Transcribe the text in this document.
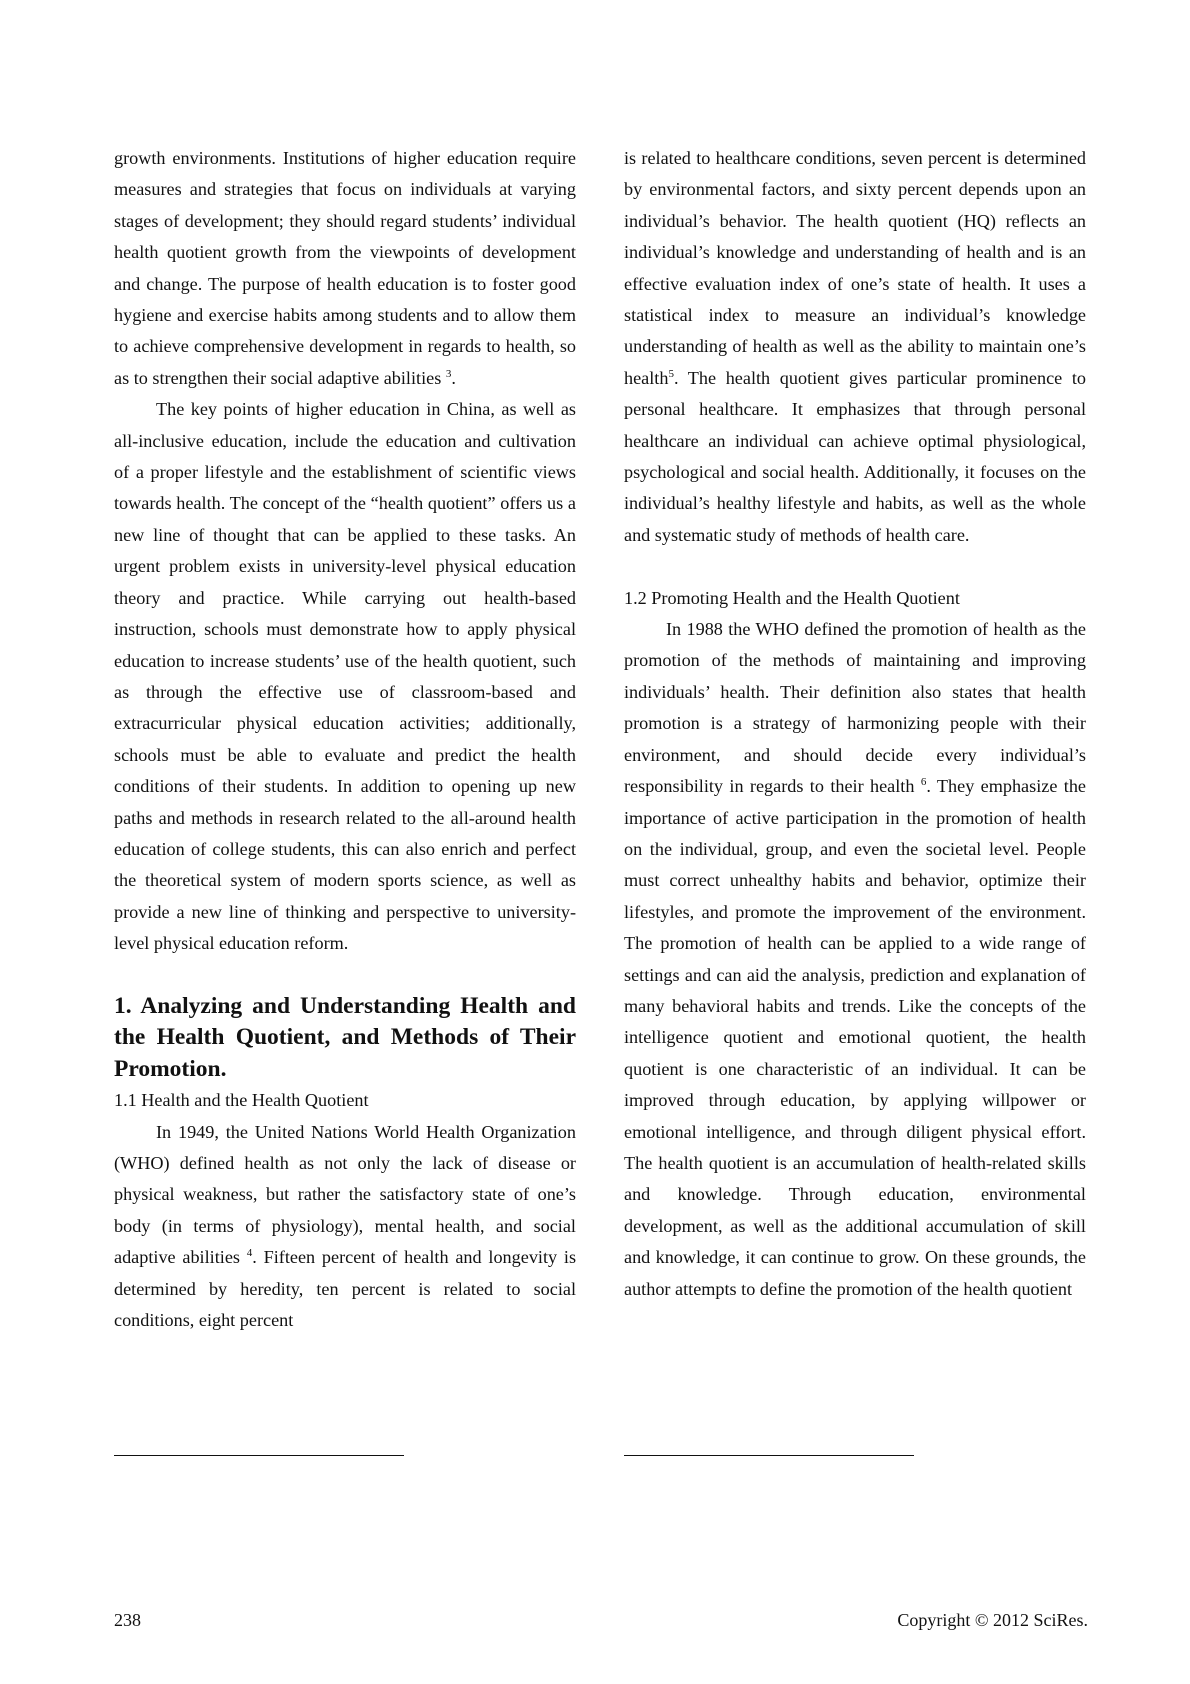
growth environments. Institutions of higher education require measures and strategies that focus on individuals at varying stages of development; they should regard students’ individual health quotient growth from the viewpoints of development and change. The purpose of health education is to foster good hygiene and exercise habits among students and to allow them to achieve comprehensive development in regards to health, so as to strengthen their social adaptive abilities $^3$.

The key points of higher education in China, as well as all-inclusive education, include the education and cultivation of a proper lifestyle and the establishment of scientific views towards health. The concept of the “health quotient” offers us a new line of thought that can be applied to these tasks. An urgent problem exists in university-level physical education theory and practice. While carrying out health-based instruction, schools must demonstrate how to apply physical education to increase students’ use of the health quotient, such as through the effective use of classroom-based and extracurricular physical education activities; additionally, schools must be able to evaluate and predict the health conditions of their students. In addition to opening up new paths and methods in research related to the all-around health education of college students, this can also enrich and perfect the theoretical system of modern sports science, as well as provide a new line of thinking and perspective to university-level physical education reform.

1. Analyzing and Understanding Health and the Health Quotient, and Methods of Their Promotion.
1.1 Health and the Health Quotient

In 1949, the United Nations World Health Organization (WHO) defined health as not only the lack of disease or physical weakness, but rather the satisfactory state of one’s body (in terms of physiology), mental health, and social adaptive abilities $^4$. Fifteen percent of health and longevity is determined by heredity, ten percent is related to social conditions, eight percent

is related to healthcare conditions, seven percent is determined by environmental factors, and sixty percent depends upon an individual’s behavior. The health quotient (HQ) reflects an individual’s knowledge and understanding of health and is an effective evaluation index of one’s state of health. It uses a statistical index to measure an individual’s knowledge understanding of health as well as the ability to maintain one’s health$^5$. The health quotient gives particular prominence to personal healthcare. It emphasizes that through personal healthcare an individual can achieve optimal physiological, psychological and social health. Additionally, it focuses on the individual’s healthy lifestyle and habits, as well as the whole and systematic study of methods of health care.

1.2 Promoting Health and the Health Quotient

In 1988 the WHO defined the promotion of health as the promotion of the methods of maintaining and improving individuals’ health. Their definition also states that health promotion is a strategy of harmonizing people with their environment, and should decide every individual’s responsibility in regards to their health $^6$. They emphasize the importance of active participation in the promotion of health on the individual, group, and even the societal level. People must correct unhealthy habits and behavior, optimize their lifestyles, and promote the improvement of the environment. The promotion of health can be applied to a wide range of settings and can aid the analysis, prediction and explanation of many behavioral habits and trends. Like the concepts of the intelligence quotient and emotional quotient, the health quotient is one characteristic of an individual. It can be improved through education, by applying willpower or emotional intelligence, and through diligent physical effort. The health quotient is an accumulation of health-related skills and knowledge. Through education, environmental development, as well as the additional accumulation of skill and knowledge, it can continue to grow. On these grounds, the author attempts to define the promotion of the health quotient

238	Copyright © 2012 SciRes.
